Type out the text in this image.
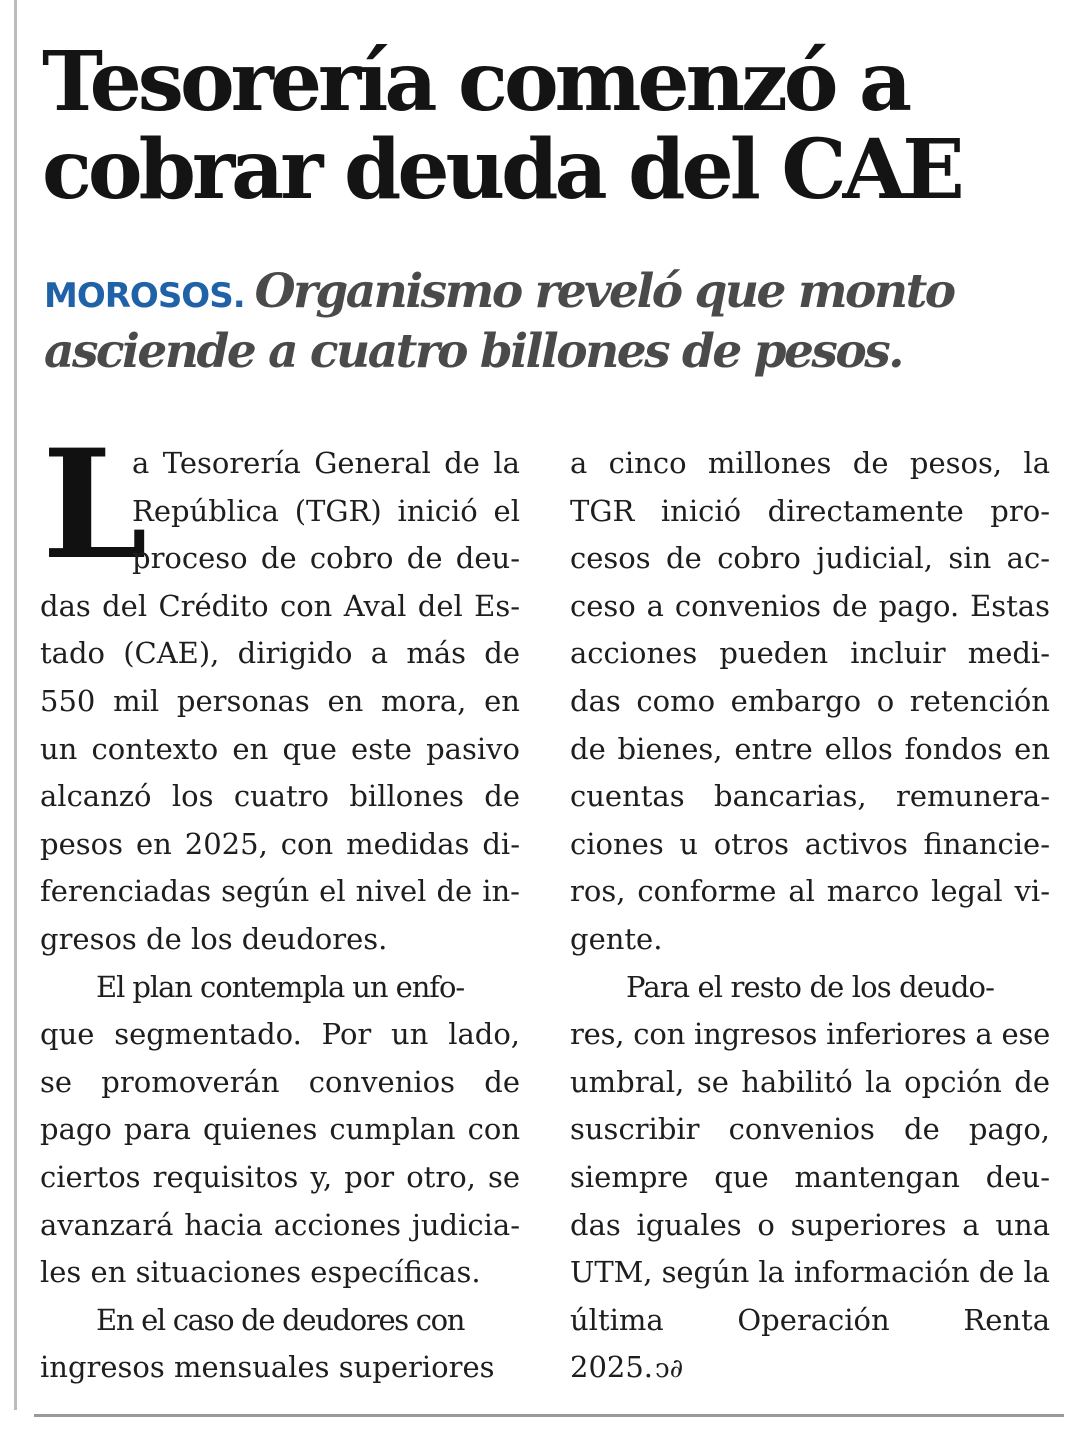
Tesorería comenzó a
cobrar deuda del CAE
MOROSOS. Organismo reveló que monto
asciende a cuatro billones de pesos.
L
a Tesorería General de la
República (TGR) inició el
proceso de cobro de deu-
das del Crédito con Aval del Es-
tado (CAE), dirigido a más de
550 mil personas en mora, en
un contexto en que este pasivo
alcanzó los cuatro billones de
pesos en 2025, con medidas di-
ferenciadas según el nivel de in-
gresos de los deudores.
El plan contempla un enfo-
que segmentado. Por un lado,
se promoverán convenios de
pago para quienes cumplan con
ciertos requisitos y, por otro, se
avanzará hacia acciones judicia-
les en situaciones específicas.
En el caso de deudores con
ingresos mensuales superiores
a cinco millones de pesos, la
TGR inició directamente pro-
cesos de cobro judicial, sin ac-
ceso a convenios de pago. Estas
acciones pueden incluir medi-
das como embargo o retención
de bienes, entre ellos fondos en
cuentas bancarias, remunera-
ciones u otros activos financie-
ros, conforme al marco legal vi-
gente.
Para el resto de los deudo-
res, con ingresos inferiores a ese
umbral, se habilitó la opción de
suscribir convenios de pago,
siempre que mantengan deu-
das iguales o superiores a una
UTM, según la información de la
última Operación Renta
2025.ↄ∂
